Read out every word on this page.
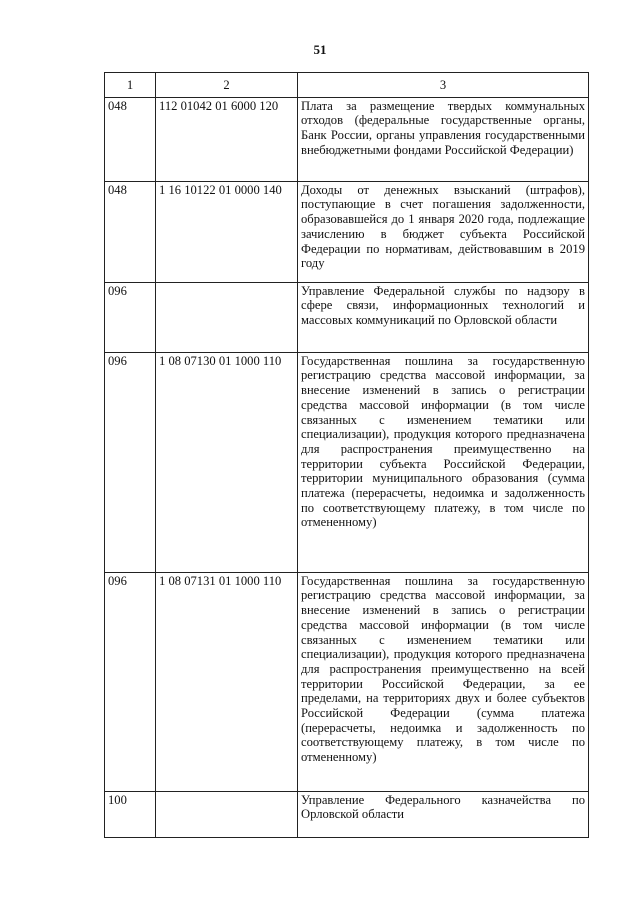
51
1	2	3
048	112 01042 01 6000 120	Плата за размещение твердых коммунальных отходов (федеральные государственные органы, Банк России, органы управления государственными внебюджетными фондами Российской Федерации)
048	1 16 10122 01 0000 140	Доходы от денежных взысканий (штрафов), поступающие в счет погашения задолженности, образовавшейся до 1 января 2020 года, подлежащие зачислению в бюджет субъекта Российской Федерации по нормативам, действовавшим в 2019 году
096		Управление Федеральной службы по надзору в сфере связи, информационных технологий и массовых коммуникаций по Орловской области
096	1 08 07130 01 1000 110	Государственная пошлина за государственную регистрацию средства массовой информации, за внесение изменений в запись о регистрации средства массовой информации (в том числе связанных с изменением тематики или специализации), продукция которого предназначена для распространения преимущественно на территории субъекта Российской Федерации, территории муниципального образования (сумма платежа (перерасчеты, недоимка и задолженность по соответствующему платежу, в том числе по отмененному)
096	1 08 07131 01 1000 110	Государственная пошлина за государственную регистрацию средства массовой информации, за внесение изменений в запись о регистрации средства массовой информации (в том числе связанных с изменением тематики или специализации), продукция которого предназначена для распространения преимущественно на всей территории Российской Федерации, за ее пределами, на территориях двух и более субъектов Российской Федерации (сумма платежа (перерасчеты, недоимка и задолженность по соответствующему платежу, в том числе по отмененному)
100		Управление Федерального казначейства по Орловской области
